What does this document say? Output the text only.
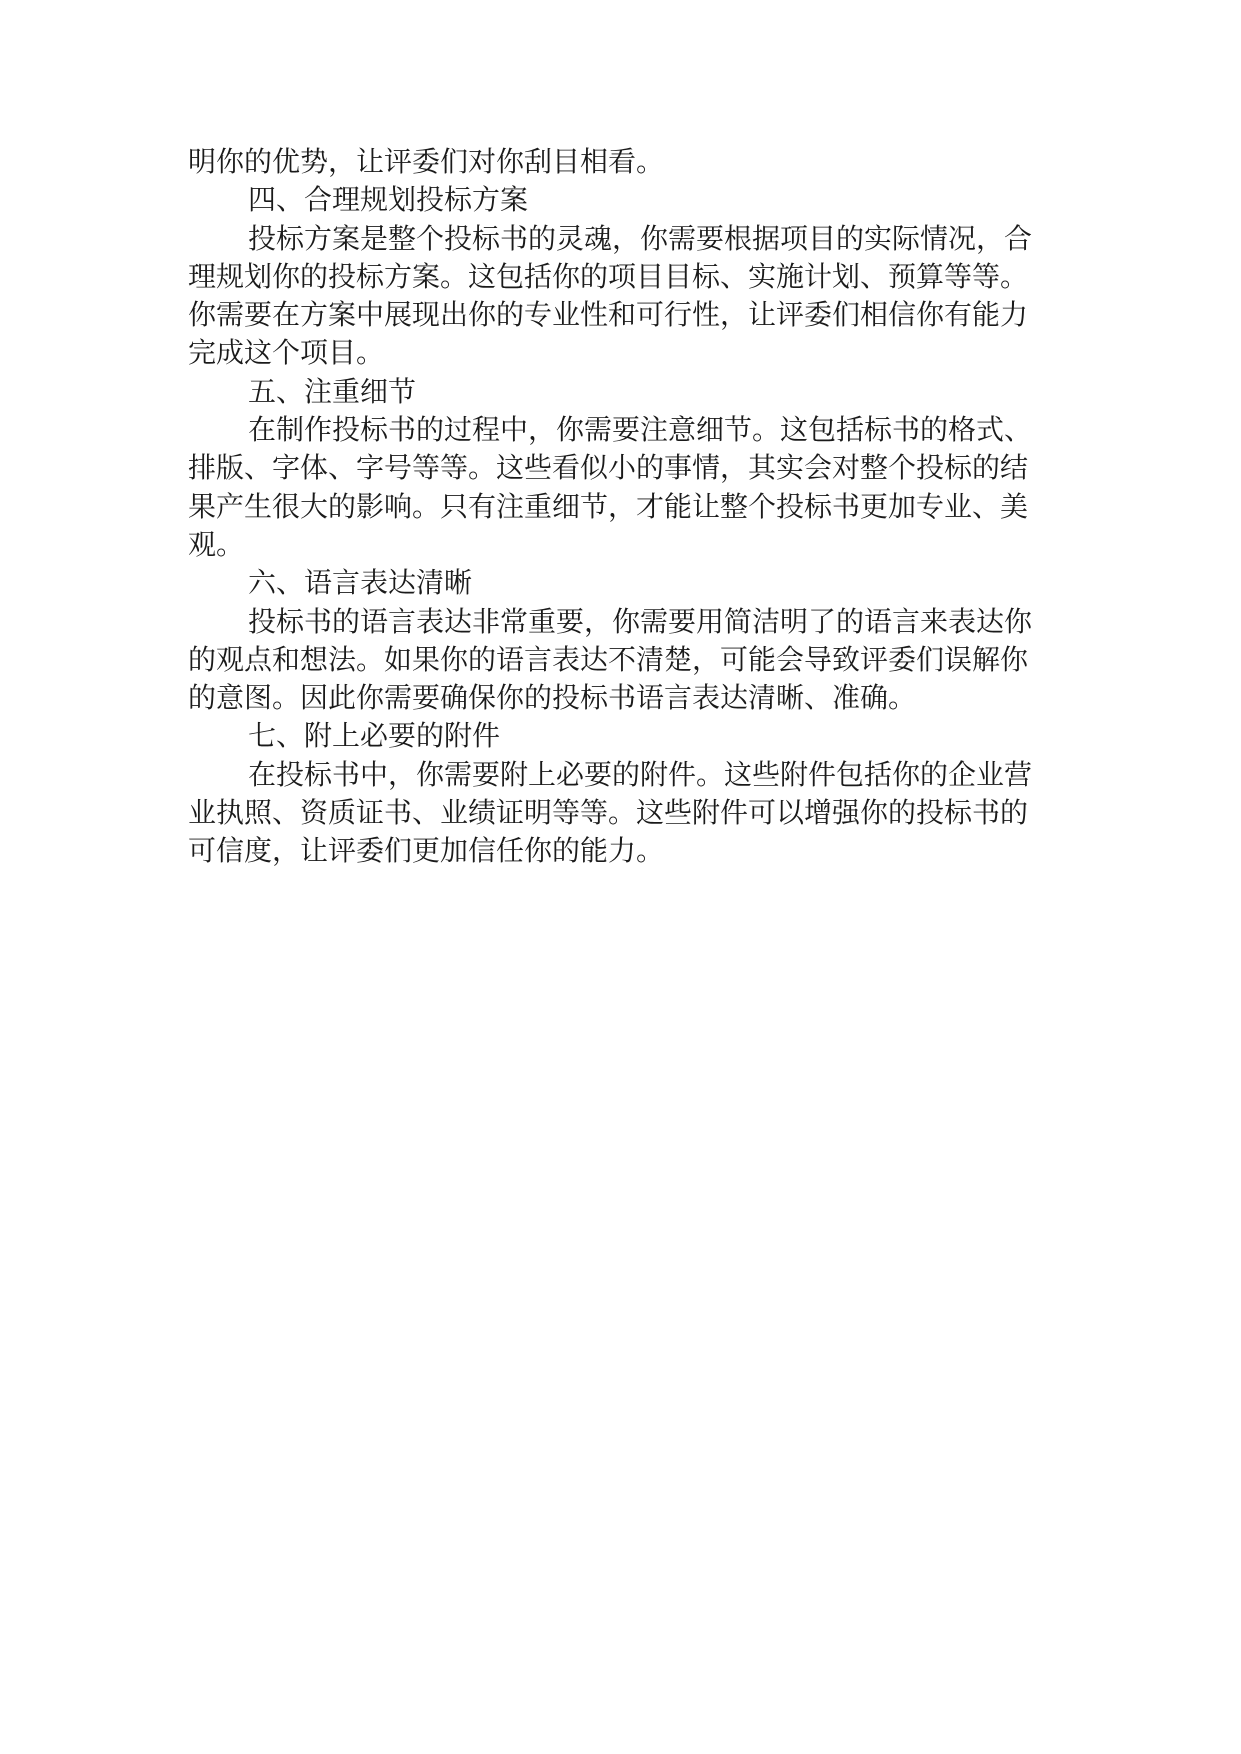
明你的优势，让评委们对你刮目相看。

四、合理规划投标方案

投标方案是整个投标书的灵魂，你需要根据项目的实际情况，合

理规划你的投标方案。这包括你的项目目标、实施计划、预算等等。

你需要在方案中展现出你的专业性和可行性，让评委们相信你有能力

完成这个项目。

五、注重细节

在制作投标书的过程中，你需要注意细节。这包括标书的格式、

排版、字体、字号等等。这些看似小的事情，其实会对整个投标的结

果产生很大的影响。只有注重细节，才能让整个投标书更加专业、美

观。

六、语言表达清晰

投标书的语言表达非常重要，你需要用简洁明了的语言来表达你

的观点和想法。如果你的语言表达不清楚，可能会导致评委们误解你

的意图。因此你需要确保你的投标书语言表达清晰、准确。

七、附上必要的附件

在投标书中，你需要附上必要的附件。这些附件包括你的企业营

业执照、资质证书、业绩证明等等。这些附件可以增强你的投标书的

可信度，让评委们更加信任你的能力。
